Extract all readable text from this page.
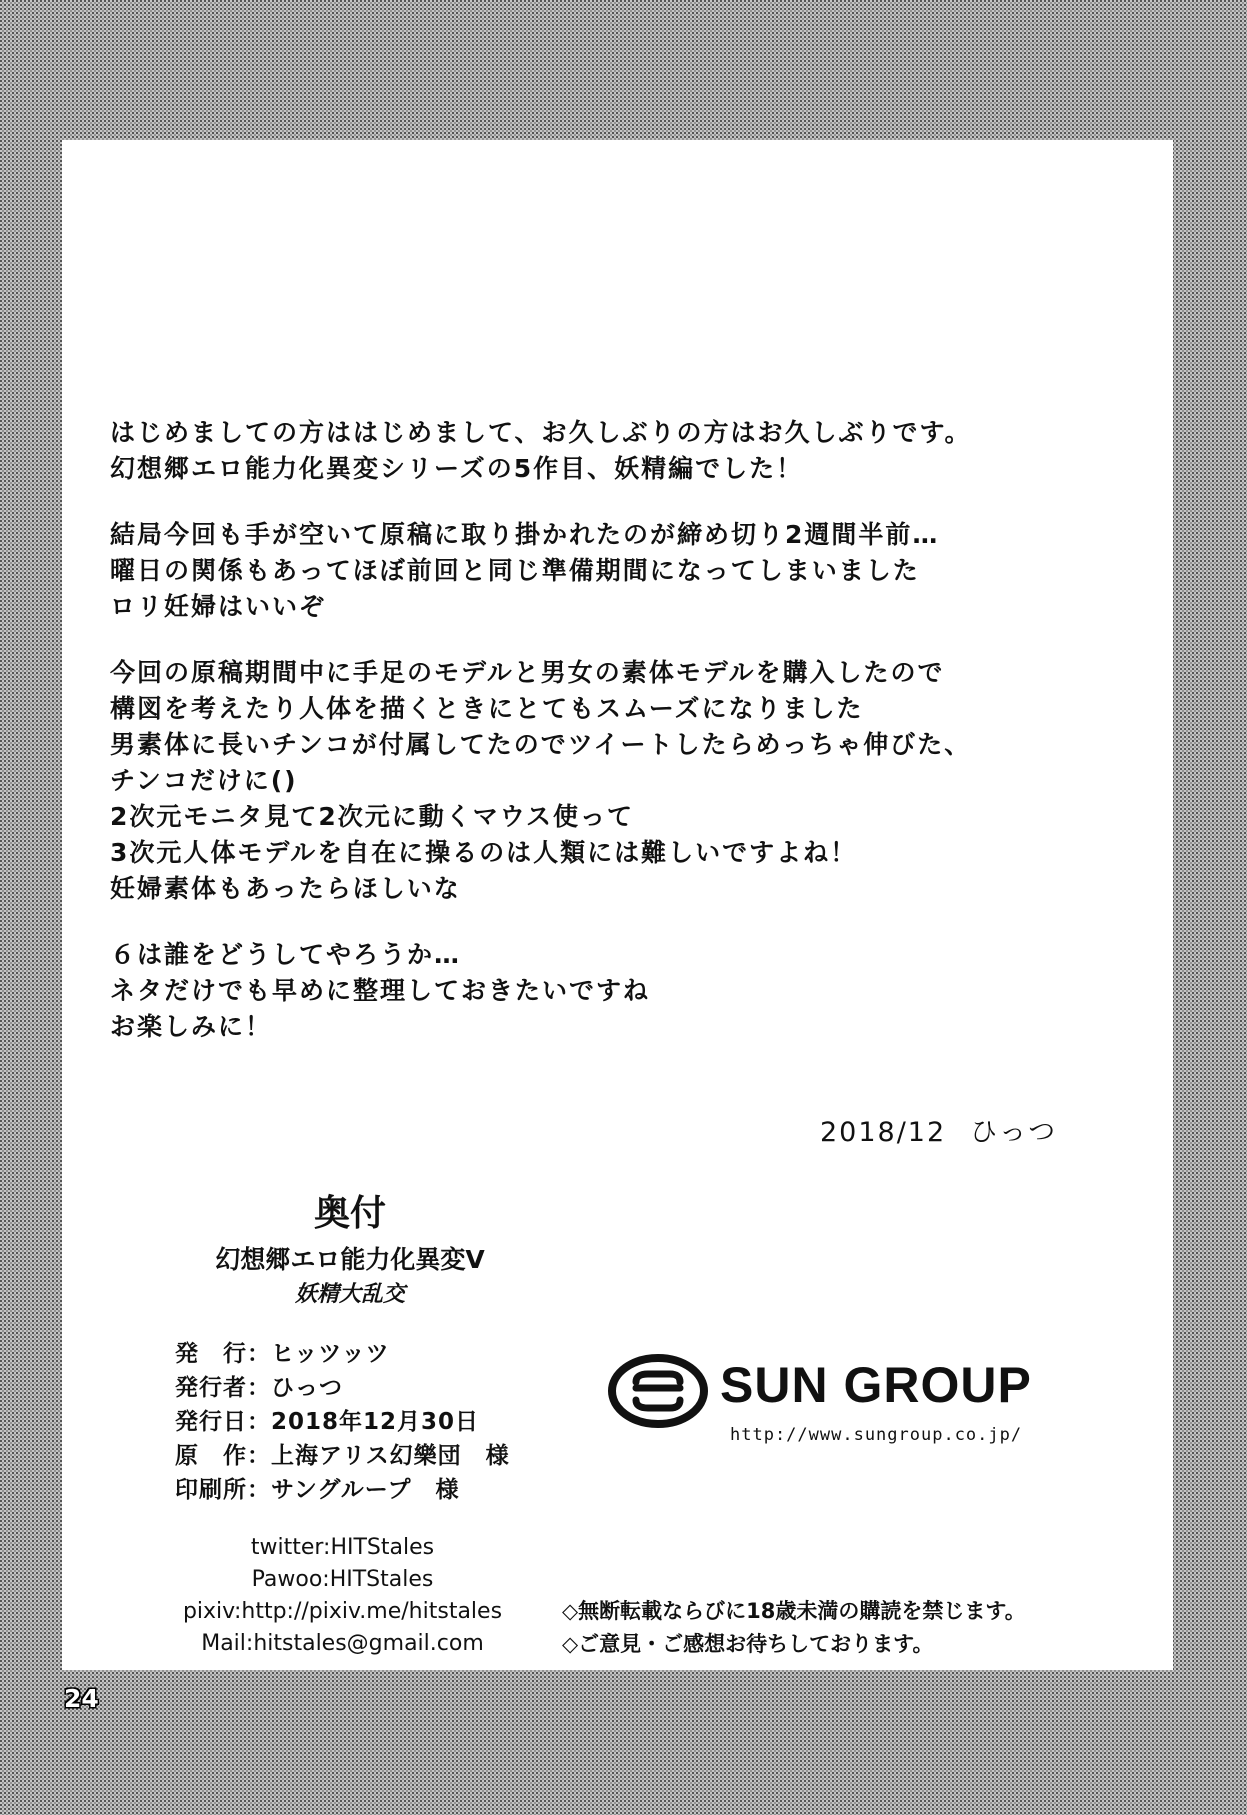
はじめましての方ははじめまして、お久しぶりの方はお久しぶりです。
幻想郷エロ能力化異変シリーズの5作目、妖精編でした！
結局今回も手が空いて原稿に取り掛かれたのが締め切り2週間半前…
曜日の関係もあってほぼ前回と同じ準備期間になってしまいました
ロリ妊婦はいいぞ
今回の原稿期間中に手足のモデルと男女の素体モデルを購入したので
構図を考えたり人体を描くときにとてもスムーズになりました
男素体に長いチンコが付属してたのでツイートしたらめっちゃ伸びた、
チンコだけに()
2次元モニタ見て2次元に動くマウス使って
3次元人体モデルを自在に操るのは人類には難しいですよね！
妊婦素体もあったらほしいな
６は誰をどうしてやろうか…
ネタだけでも早めに整理しておきたいですね
お楽しみに！
2018/12 ひっつ
奥付
幻想郷エロ能力化異変V
妖精大乱交
発　行：ヒッツッツ
発行者：ひっつ
発行日：2018年12月30日
原　作：上海アリス幻樂団　様
印刷所：サングループ　様
twitter:HITStales
Pawoo:HITStales
pixiv:http://pixiv.me/hitstales
Mail:hitstales@gmail.com
SUN GROUP
http://www.sungroup.co.jp/
◇無断転載ならびに18歳未満の購読を禁じます。
◇ご意見・ご感想お待ちしております。
24
